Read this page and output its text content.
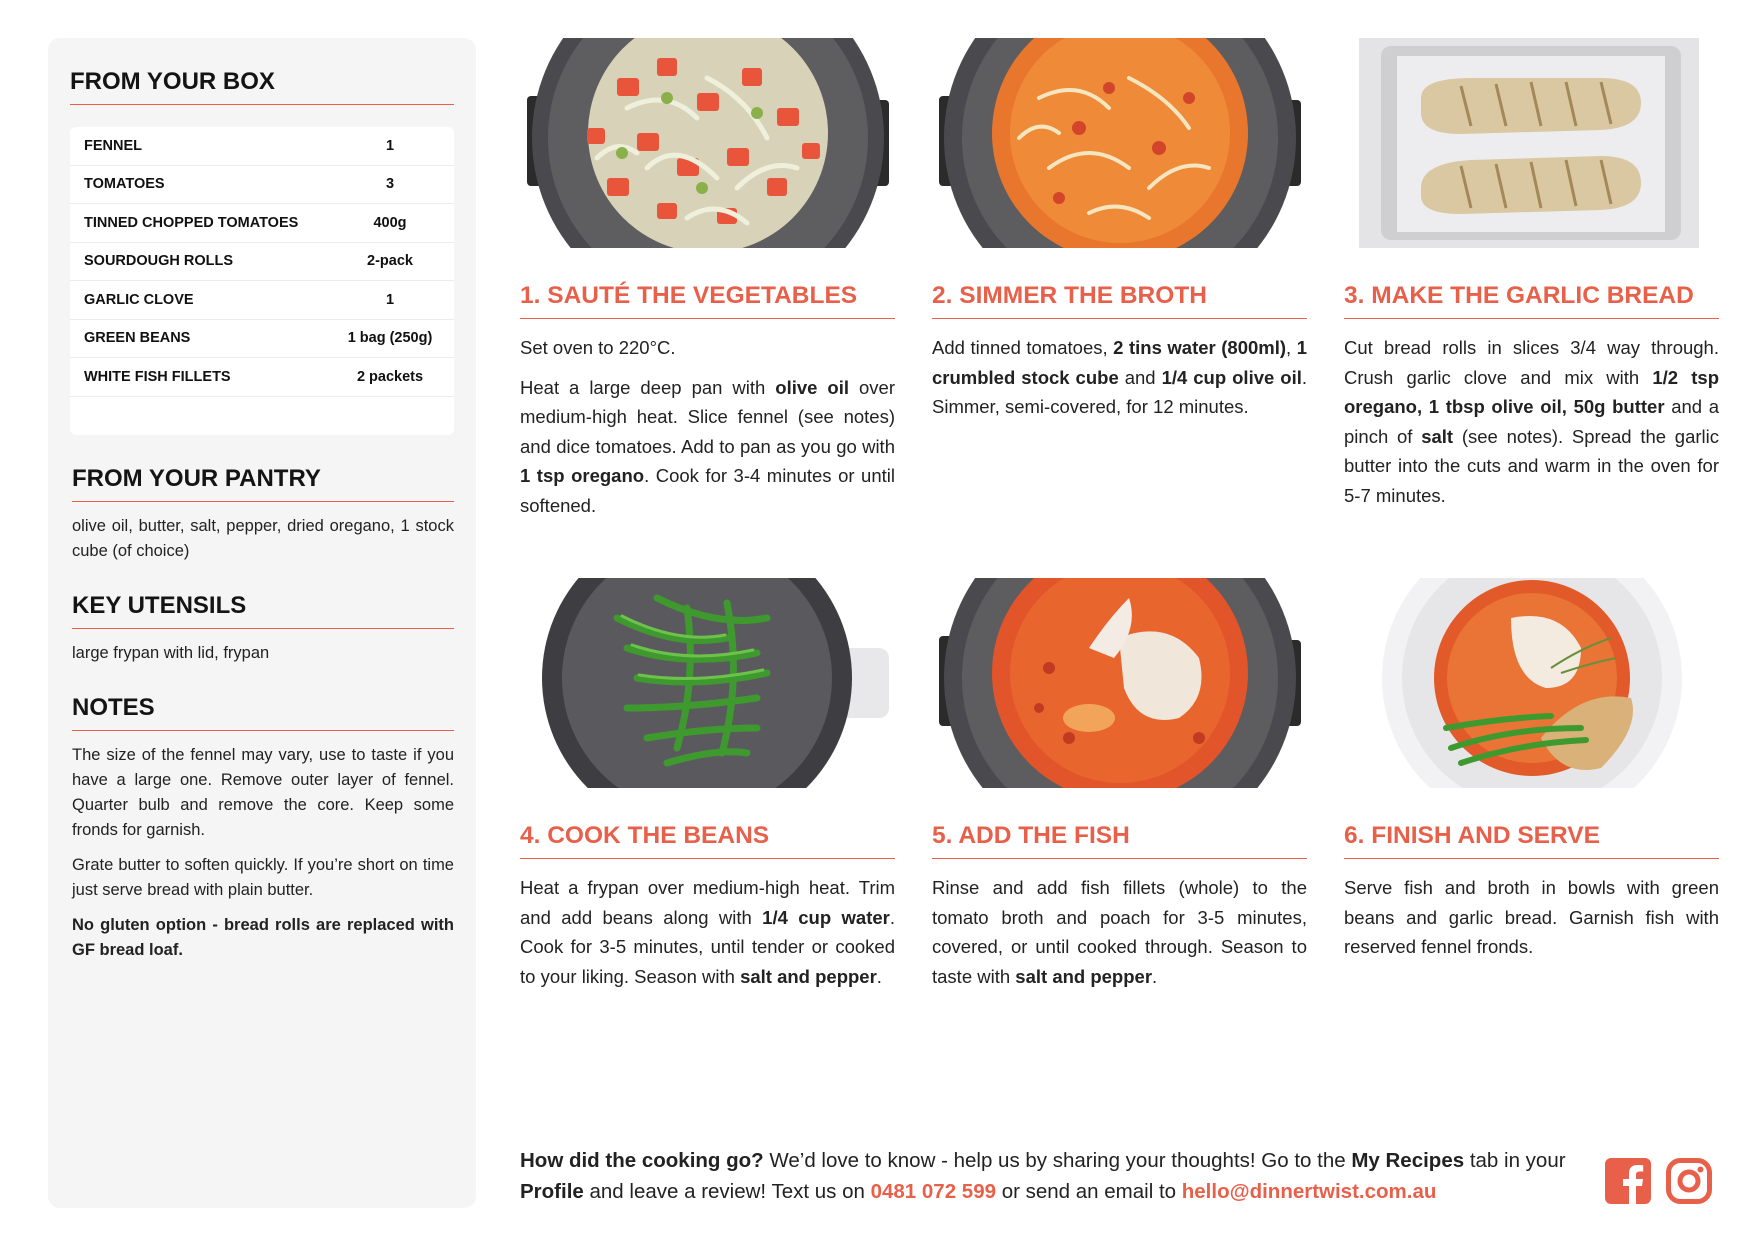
FROM YOUR BOX
FENNEL	1
TOMATOES	3
TINNED CHOPPED TOMATOES	400g
SOURDOUGH ROLLS	2-pack
GARLIC CLOVE	1
GREEN BEANS	1 bag (250g)
WHITE FISH FILLETS	2 packets
FROM YOUR PANTRY
olive oil, butter, salt, pepper, dried oregano, 1 stock cube (of choice)
KEY UTENSILS
large frypan with lid, frypan
NOTES
The size of the fennel may vary, use to taste if you have a large one. Remove outer layer of fennel. Quarter bulb and remove the core. Keep some fronds for garnish.
Grate butter to soften quickly. If you’re short on time just serve bread with plain butter.
No gluten option - bread rolls are replaced with GF bread loaf.
1. SAUTÉ THE VEGETABLES

Set oven to 220°C.

Heat a large deep pan with olive oil over medium-high heat. Slice fennel (see notes) and dice tomatoes. Add to pan as you go with 1 tsp oregano. Cook for 3-4 minutes or until softened.

2. SIMMER THE BROTH

Add tinned tomatoes, 2 tins water (800ml), 1 crumbled stock cube and 1/4 cup olive oil. Simmer, semi-covered, for 12 minutes.

3. MAKE THE GARLIC BREAD

Cut bread rolls in slices 3/4 way through. Crush garlic clove and mix with 1/2 tsp oregano, 1 tbsp olive oil, 50g butter and a pinch of salt (see notes). Spread the garlic butter into the cuts and warm in the oven for 5-7 minutes.

4. COOK THE BEANS

Heat a frypan over medium-high heat. Trim and add beans along with 1/4 cup water. Cook for 3-5 minutes, until tender or cooked to your liking. Season with salt and pepper.

5. ADD THE FISH

Rinse and add fish fillets (whole) to the tomato broth and poach for 3-5 minutes, covered, or until cooked through. Season to taste with salt and pepper.

6. FINISH AND SERVE

Serve fish and broth in bowls with green beans and garlic bread. Garnish fish with reserved fennel fronds.

How did the cooking go? We’d love to know - help us by sharing your thoughts! Go to the My Recipes tab in your Profile and leave a review! Text us on 0481 072 599 or send an email to hello@dinnertwist.com.au
